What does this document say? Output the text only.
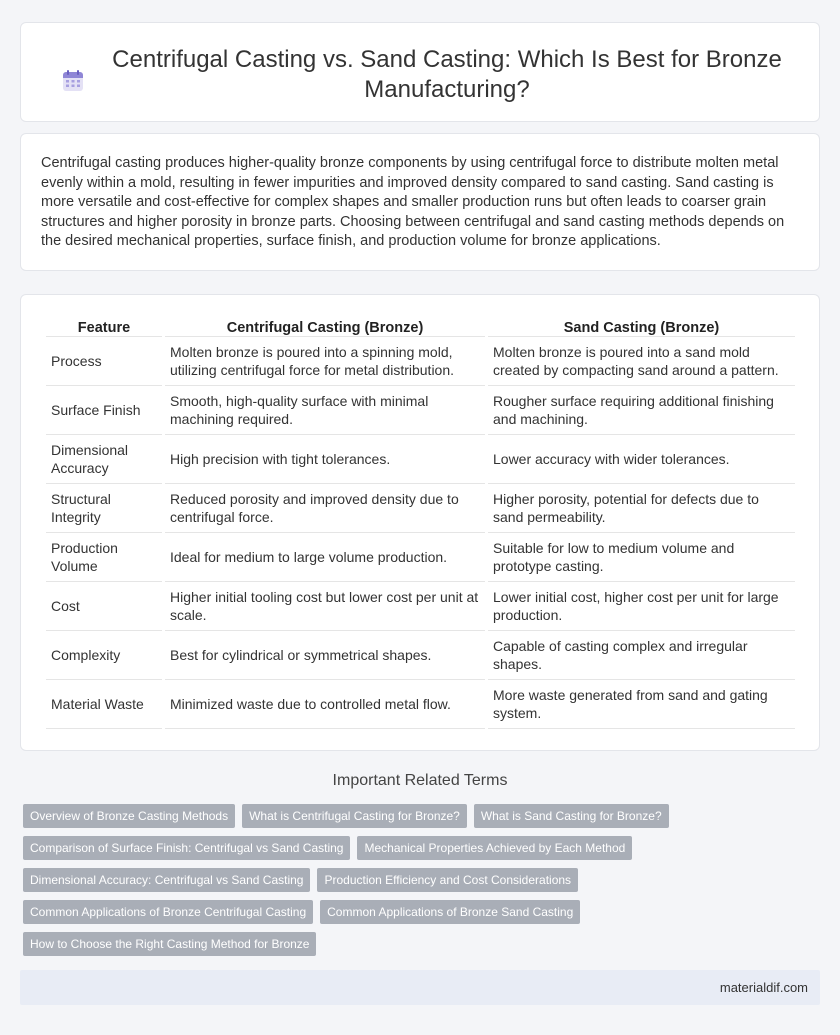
Centrifugal Casting vs. Sand Casting: Which Is Best for Bronze Manufacturing?

Centrifugal casting produces higher-quality bronze components by using centrifugal force to distribute molten metal evenly within a mold, resulting in fewer impurities and improved density compared to sand casting. Sand casting is more versatile and cost-effective for complex shapes and smaller production runs but often leads to coarser grain structures and higher porosity in bronze parts. Choosing between centrifugal and sand casting methods depends on the desired mechanical properties, surface finish, and production volume for bronze applications.

Feature	Centrifugal Casting (Bronze)	Sand Casting (Bronze)
Process	Molten bronze is poured into a spinning mold, utilizing centrifugal force for metal distribution.	Molten bronze is poured into a sand mold created by compacting sand around a pattern.
Surface Finish	Smooth, high-quality surface with minimal machining required.	Rougher surface requiring additional finishing and machining.
Dimensional Accuracy	High precision with tight tolerances.	Lower accuracy with wider tolerances.
Structural Integrity	Reduced porosity and improved density due to centrifugal force.	Higher porosity, potential for defects due to sand permeability.
Production Volume	Ideal for medium to large volume production.	Suitable for low to medium volume and prototype casting.
Cost	Higher initial tooling cost but lower cost per unit at scale.	Lower initial cost, higher cost per unit for large production.
Complexity	Best for cylindrical or symmetrical shapes.	Capable of casting complex and irregular shapes.
Material Waste	Minimized waste due to controlled metal flow.	More waste generated from sand and gating system.
Important Related Terms
Overview of Bronze Casting Methods	What is Centrifugal Casting for Bronze?	What is Sand Casting for Bronze?
Comparison of Surface Finish: Centrifugal vs Sand Casting	Mechanical Properties Achieved by Each Method
Dimensional Accuracy: Centrifugal vs Sand Casting	Production Efficiency and Cost Considerations
Common Applications of Bronze Centrifugal Casting	Common Applications of Bronze Sand Casting
How to Choose the Right Casting Method for Bronze
materialdif.com
